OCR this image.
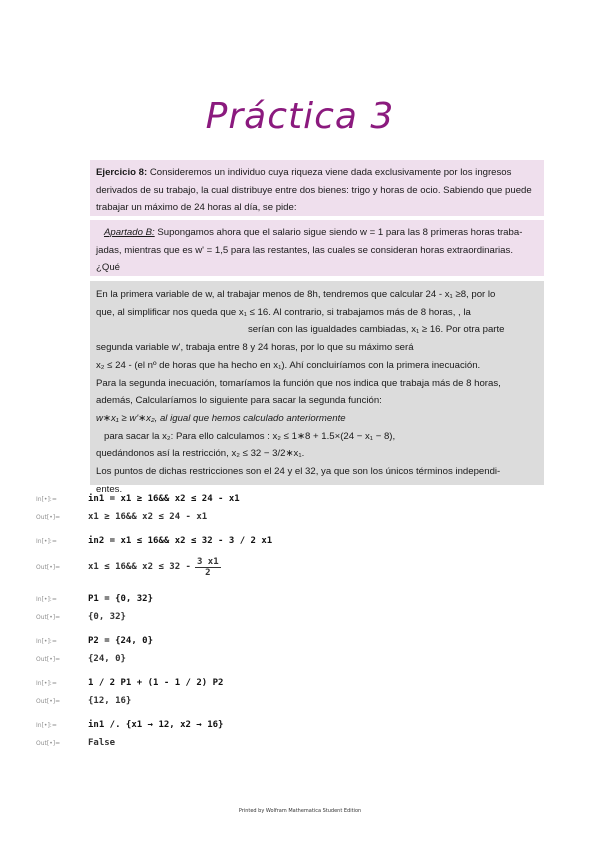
Práctica 3

Ejercicio 8: Consideremos un individuo cuya riqueza viene dada exclusivamente por los ingresos

derivados de su trabajo, la cual distribuye entre dos bienes: trigo y horas de ocio. Sabiendo que puede

trabajar un máximo de 24 horas al día, se pide:

Apartado B: Supongamos ahora que el salario sigue siendo w = 1 para las 8 primeras horas traba-

jadas, mientras que es w' = 1,5 para las restantes, las cuales se consideran horas extraordinarias. ¿Qué

En la primera variable de w, al trabajar menos de 8h, tendremos que calcular 24 - x₁ ≥8, por lo

que, al simplificar nos queda que x₁ ≤ 16. Al contrario, si trabajamos más de 8 horas, , la

serían con las igualdades cambiadas, x₁ ≥ 16. Por otra parte

segunda variable w', trabaja entre 8 y 24 horas, por lo que su máximo será

x₂ ≤ 24 - (el nº de horas que ha hecho en x₁). Ahí concluiríamos con la primera inecuación.

Para la segunda inecuación, tomaríamos la función que nos indica que trabaja más de 8 horas,

además, Calcularíamos lo siguiente para sacar la segunda función:

w∗x₁ ≥ w'∗x₂, al igual que hemos calculado anteriormente

para sacar la x₂: Para ello calculamos : x₂ ≤ 1∗8 + 1.5×(24 − x₁ − 8),

quedándonos así la restricción, x₂ ≤ 32 − 3/2∗x₁.

Los puntos de dichas restricciones son el 24 y el 32, ya que son los únicos términos independi-

entes.

In[•]:=	in1 = x1 ≥ 16&& x2 ≤ 24 - x1
Out[•]=	x1 ≥ 16&& x2 ≤ 24 - x1
In[•]:=	in2 = x1 ≤ 16&& x2 ≤ 32 - 3 / 2 x1
Out[•]=	x1 ≤ 16&& $x2 \le 32 - \frac{3 x1}{2}$
In[•]:=	P1 = {0, 32}
Out[•]=	{0, 32}
In[•]:=	P2 = {24, 0}
Out[•]=	{24, 0}
In[•]:=	1 / 2 P1 + (1 - 1 / 2) P2
Out[•]=	{12, 16}
In[•]:=	in1 /. {x1 → 12, x2 → 16}
Out[•]=	False
Printed by Wolfram Mathematica Student Edition
